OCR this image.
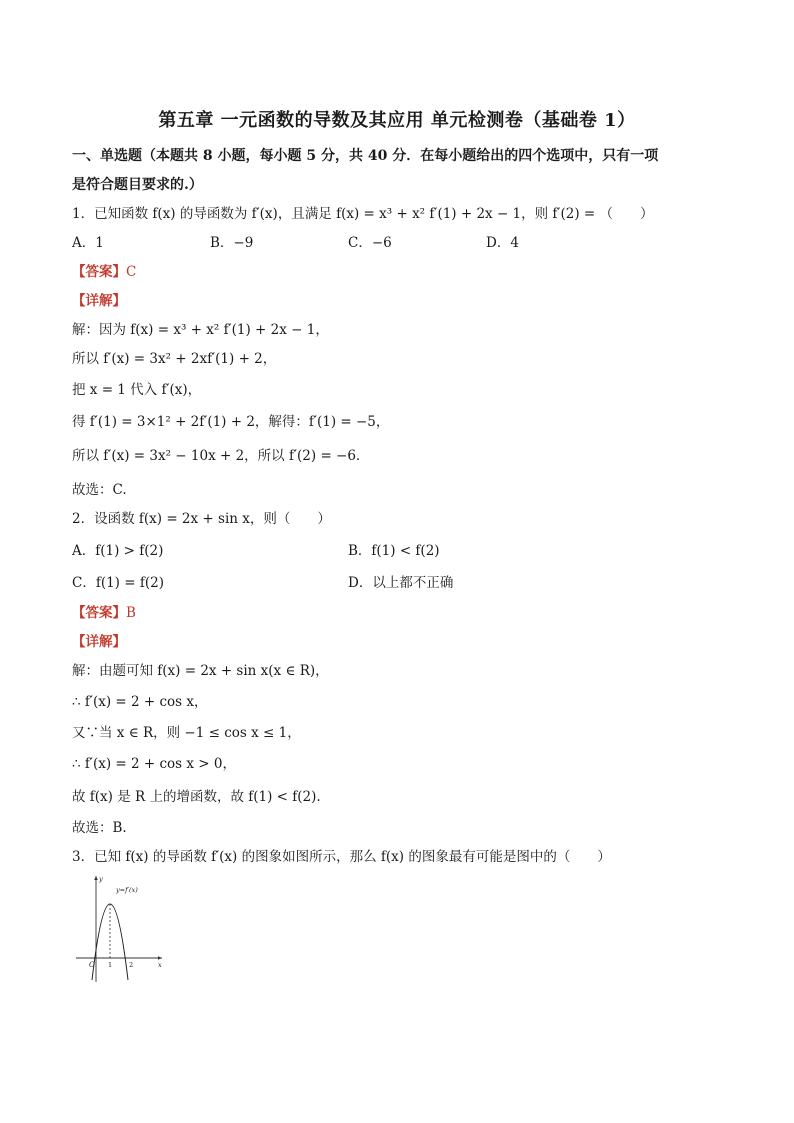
第五章 一元函数的导数及其应用 单元检测卷（基础卷 1）
一、单选题（本题共 8 小题，每小题 5 分，共 40 分．在每小题给出的四个选项中，只有一项
是符合题目要求的.）
1．已知函数 f(x) 的导函数为 f′(x)，且满足 f(x) = x³ + x² f′(1) + 2x − 1，则 f′(2) = （　　）
A．1	B．−9	C．−6	D．4
【答案】C
【详解】
解：因为 f(x) = x³ + x² f′(1) + 2x − 1，
所以 f′(x) = 3x² + 2xf′(1) + 2，
把 x = 1 代入 f′(x)，
得 f′(1) = 3×1² + 2f′(1) + 2，解得：f′(1) = −5，
所以 f′(x) = 3x² − 10x + 2，所以 f′(2) = −6．
故选：C.
2．设函数 f(x) = 2x + sin x，则（　　）
A．f(1) > f(2)	B．f(1) < f(2)
C．f(1) = f(2)	D．以上都不正确
【答案】B
【详解】
解：由题可知 f(x) = 2x + sin x(x ∈ R)，
∴ f′(x) = 2 + cos x，
又∵当 x ∈ R，则 −1 ≤ cos x ≤ 1，
∴ f′(x) = 2 + cos x > 0，
故 f(x) 是 R 上的增函数，故 f(1) < f(2).
故选：B.
3．已知 f(x) 的导函数 f′(x) 的图象如图所示，那么 f(x) 的图象最有可能是图中的（　　）
y=f′(x)
y
x
O 1	2
